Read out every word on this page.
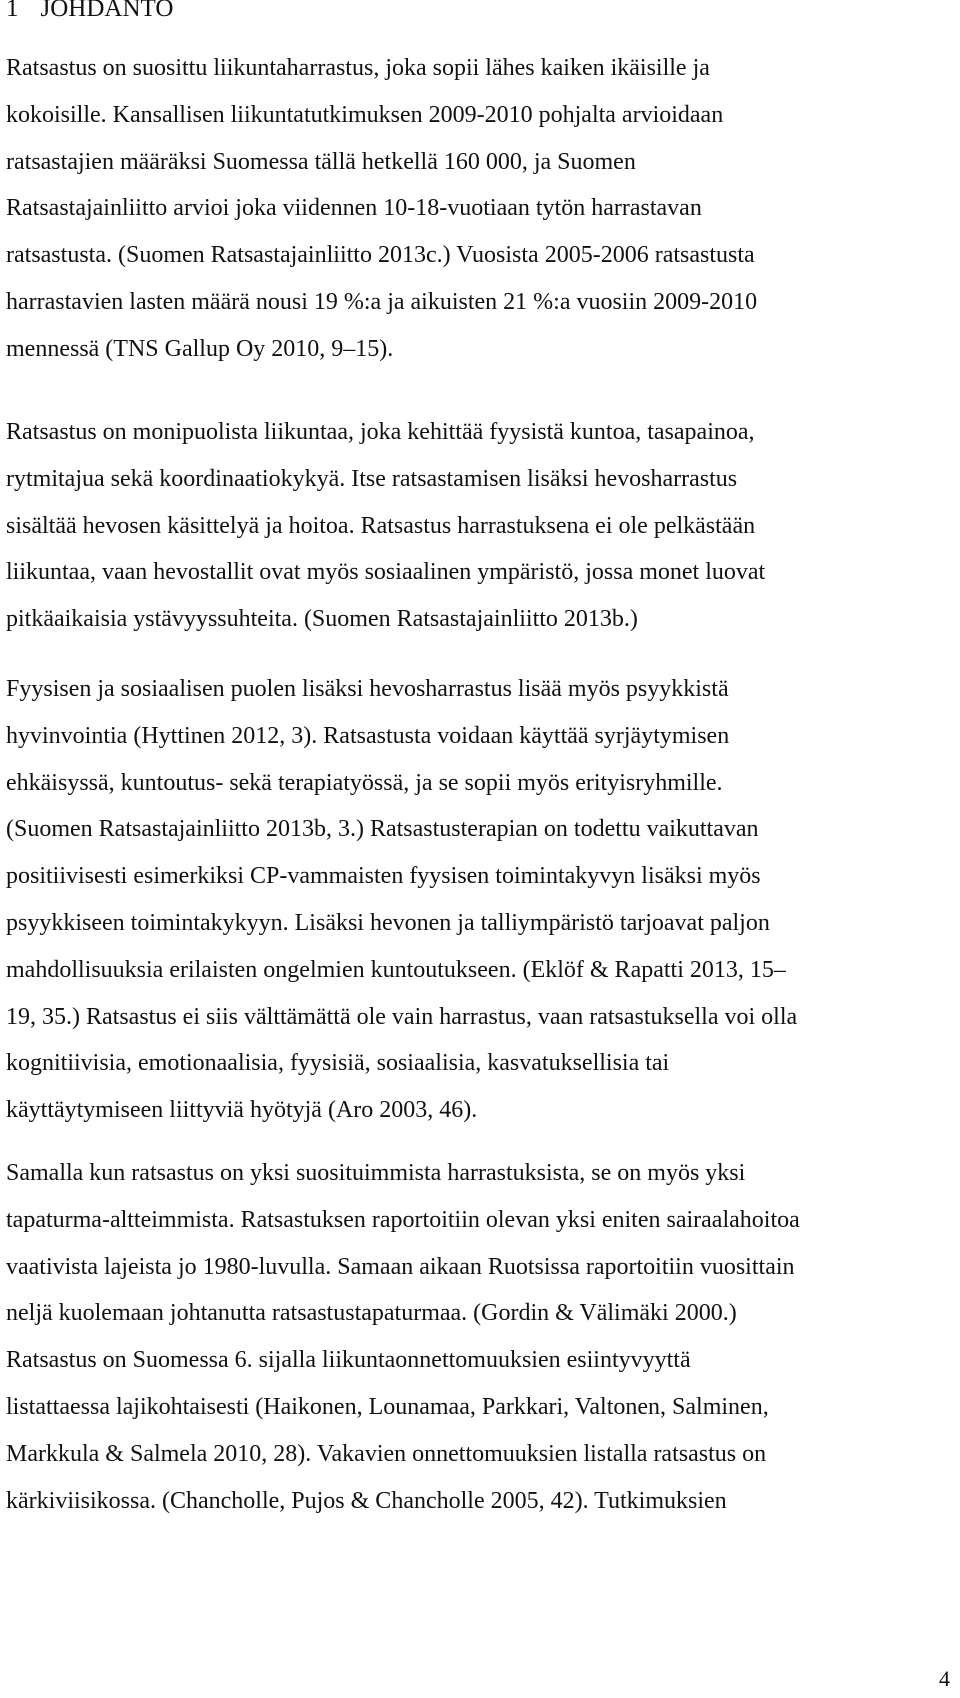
1 JOHDANTO
Ratsastus on suosittu liikuntaharrastus, joka sopii lähes kaiken ikäisille ja
kokoisille. Kansallisen liikuntatutkimuksen 2009-2010 pohjalta arvioidaan
ratsastajien määräksi Suomessa tällä hetkellä 160 000, ja Suomen
Ratsastajainliitto arvioi joka viidennen 10-18-vuotiaan tytön harrastavan
ratsastusta. (Suomen Ratsastajainliitto 2013c.) Vuosista 2005-2006 ratsastusta
harrastavien lasten määrä nousi 19 %:a ja aikuisten 21 %:a vuosiin 2009-2010
mennessä (TNS Gallup Oy 2010, 9–15).
Ratsastus on monipuolista liikuntaa, joka kehittää fyysistä kuntoa, tasapainoa,
rytmitajua sekä koordinaatiokykyä. Itse ratsastamisen lisäksi hevosharrastus
sisältää hevosen käsittelyä ja hoitoa. Ratsastus harrastuksena ei ole pelkästään
liikuntaa, vaan hevostallit ovat myös sosiaalinen ympäristö, jossa monet luovat
pitkäaikaisia ystävyyssuhteita. (Suomen Ratsastajainliitto 2013b.)
Fyysisen ja sosiaalisen puolen lisäksi hevosharrastus lisää myös psyykkistä
hyvinvointia (Hyttinen 2012, 3). Ratsastusta voidaan käyttää syrjäytymisen
ehkäisyssä, kuntoutus- sekä terapiatyössä, ja se sopii myös erityisryhmille.
(Suomen Ratsastajainliitto 2013b, 3.) Ratsastusterapian on todettu vaikuttavan
positiivisesti esimerkiksi CP-vammaisten fyysisen toimintakyvyn lisäksi myös
psyykkiseen toimintakykyyn. Lisäksi hevonen ja talliympäristö tarjoavat paljon
mahdollisuuksia erilaisten ongelmien kuntoutukseen. (Eklöf & Rapatti 2013, 15–
19, 35.) Ratsastus ei siis välttämättä ole vain harrastus, vaan ratsastuksella voi olla
kognitiivisia, emotionaalisia, fyysisiä, sosiaalisia, kasvatuksellisia tai
käyttäytymiseen liittyviä hyötyjä (Aro 2003, 46).
Samalla kun ratsastus on yksi suosituimmista harrastuksista, se on myös yksi
tapaturma-altteimmista. Ratsastuksen raportoitiin olevan yksi eniten sairaalahoitoa
vaativista lajeista jo 1980-luvulla. Samaan aikaan Ruotsissa raportoitiin vuosittain
neljä kuolemaan johtanutta ratsastustapaturmaa. (Gordin & Välimäki 2000.)
Ratsastus on Suomessa 6. sijalla liikuntaonnettomuuksien esiintyvyyttä
listattaessa lajikohtaisesti (Haikonen, Lounamaa, Parkkari, Valtonen, Salminen,
Markkula & Salmela 2010, 28). Vakavien onnettomuuksien listalla ratsastus on
kärkiviisikossa. (Chancholle, Pujos & Chancholle 2005, 42). Tutkimuksien
4
